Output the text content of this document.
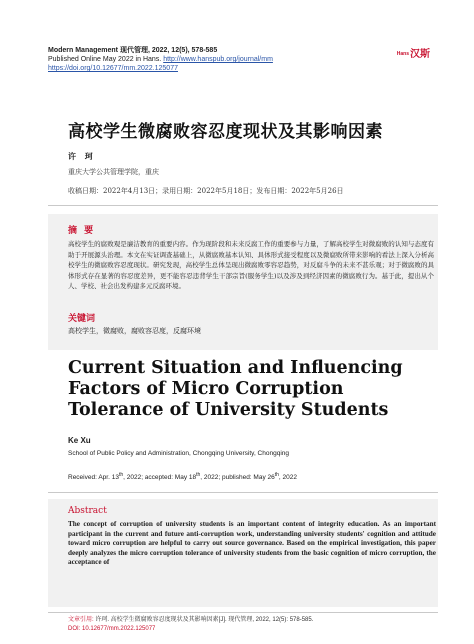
Modern Management 现代管理, 2022, 12(5), 578-585
Published Online May 2022 in Hans. http://www.hanspub.org/journal/mm
https://doi.org/10.12677/mm.2022.125077
Hans汉斯
高校学生微腐败容忍度现状及其影响因素
许 珂
重庆大学公共管理学院，重庆
收稿日期：2022年4月13日；录用日期：2022年5月18日；发布日期：2022年5月26日
摘 要
高校学生的腐败观是廉洁教育的重要内容。作为现阶段和未来反腐工作的重要参与力量，了解高校学生对微腐败的认知与态度有助于开展源头治理。本文在实证调查基础上，从微腐败基本认知、具体形式接受程度以及微腐败所带来影响的看法上深入分析高校学生的微腐败容忍度现状。研究发现，高校学生总体呈现出微腐败零容忍趋势，对反腐斗争的未来不甚乐观；对于微腐败的具体形式存在显著的容忍度差异，更不能容忍违背学生干部宗旨(服务学生)以及涉及到经济因素的微腐败行为。基于此，提出从个人、学校、社会出发构建多元反腐环境。
关键词
高校学生，微腐败，腐败容忍度，反腐环境
Current Situation and Influencing Factors of Micro Corruption Tolerance of University Students
Ke Xu
School of Public Policy and Administration, Chongqing University, Chongqing
Received: Apr. 13th, 2022; accepted: May 18th, 2022; published: May 26th, 2022
Abstract
The concept of corruption of university students is an important content of integrity education. As an important participant in the current and future anti-corruption work, understanding university students' cognition and attitude toward micro corruption are helpful to carry out source governance. Based on the empirical investigation, this paper deeply analyzes the micro corruption tolerance of university students from the basic cognition of micro corruption, the acceptance of
文章引用: 许珂. 高校学生微腐败容忍度现状及其影响因素[J]. 现代管理, 2022, 12(5): 578-585.
DOI: 10.12677/mm.2022.125077
